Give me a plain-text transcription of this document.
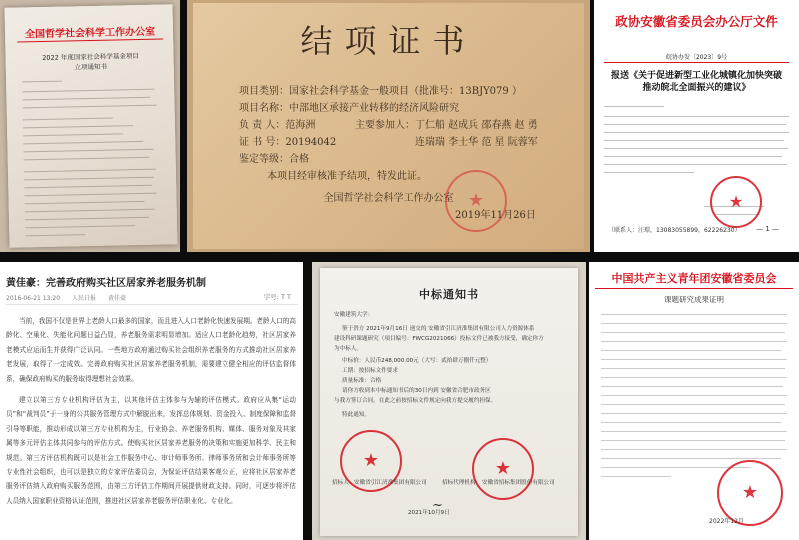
全国哲学社会科学工作办公室
2022 年度国家社会科学基金项目
立项通知书
结项证书
项目类别：国家社会科学基金一般项目（批准号：13BJY079 ）
项目名称：中部地区承接产业转移的经济风险研究
负 责 人：范海洲
证 书 号：20194042
鉴定等级：合格
主要参加人： 丁仁船 赵成兵 邵春燕 赵 勇
连瑞瑞 李士华 范 星 阮蓉军
本项目经审核准予结项，特发此证。
全国哲学社会科学工作办公室
2019年11月26日
★
政协安徽省委员会办公厅文件
皖协办发〔2023〕9号
报送《关于促进新型工业化城镇化加快突破
推动皖北全面振兴的建议》
★
（联系人：汪璟，13083055899，62226230） — 1 —
黄佳豪：完善政府购买社区居家养老服务机制
2016-06-21 13:20 人民日报 黄佳豪	字号: T T
当前，我国不仅是世界上老龄人口最多的国家，而且进入人口老龄化快速发展期。老龄人口的高龄化、空巢化、失能化问题日益凸显，养老服务需求明显增加。适应人口老龄化趋势，社区居家养老模式应运而生并获得广泛认同。一些地方政府通过购买社会组织养老服务的方式推动社区居家养老发展，取得了一定成效。完善政府购买社区居家养老服务机制，需要建立健全相应的评估监督体系，确保政府购买的服务取得理想社会效果。
建立以第三方专业机构评估为主，以其他评估主体参与为辅的评估模式。政府应从集“运动员”和“裁判员”于一身的公共服务管理方式中解脱出来，发挥总体规划、资金投入、制度保障和监督引导等职能，推动形成以第三方专业机构为主，行业协会、养老服务机构、媒体、服务对象及其家属等多元评估主体共同参与的评估方式。使购买社区居家养老服务的决策和实施更加科学、民主和规范。第三方评估机构既可以是社会工作服务中心、审计师事务所、律师事务所和会计师事务所等专业性社会组织，也可以是独立的专家评估委员会，为保证评估结果客观公正，应将社区居家养老服务评估纳入政府购买服务范围，由第三方评估工作期间开展提供财政支持。同时，可逐步将评估人员纳入国家职业资格认证范围，推进社区居家养老服务评估职业化、专业化。
中标通知书
安徽建筑大学：
鉴于贵方 2021年9月16日 递交的 安徽省引江济淮集团有限公司人力资源体系
建设科研课题研究（项目编号：FWCG2021066）投标文件已被我方接受，确定你方
为中标人。
中标价：人民币248,000.00元（大写：贰拾肆万捌仟元整）
工期：按招标文件要求
质量标准：合格
请你方收到本中标通知书后的30日内到 安徽省合肥市政务区
与我方签订合同，在此之前按招标文件规定向我方提交履约担保。
特此通知。
★	★
招标人： 安徽省引江济淮集团有限公司	招标代理机构： 安徽省招标集团股份有限公司
2021年10月9日
~
中国共产主义青年团安徽省委员会
课题研究成果证明
★
2022年12月
